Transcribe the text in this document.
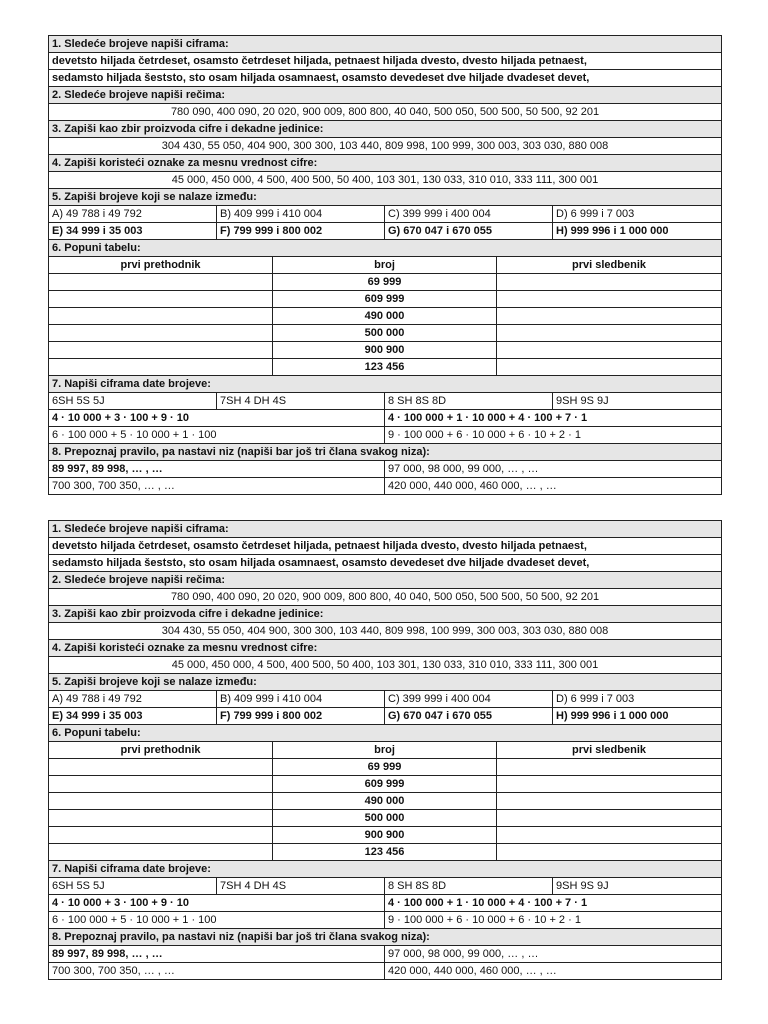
1. Sledeće brojeve napiši ciframa:					
devetsto hiljada četrdeset, osamsto četrdeset hiljada, petnaest hiljada dvesto, dvesto hiljada petnaest,					
sedamsto hiljada šeststo, sto osam hiljada osamnaest, osamsto devedeset dve hiljade dvadeset devet,					
2. Sledeće brojeve napiši rečima:					
780 090, 400 090, 20 020, 900 009, 800 800, 40 040, 500 050, 500 500, 50 500, 92 201					
3. Zapiši kao zbir proizvoda cifre i dekadne jedinice:					
304 430, 55 050, 404 900, 300 300, 103 440, 809 998, 100 999, 300 003, 303 030, 880 008					
4. Zapiši koristeći oznake za mesnu vrednost cifre:					
45 000, 450 000, 4 500, 400 500, 50 400, 103 301, 130 033, 310 010, 333 111, 300 001					
5. Zapiši brojeve koji se nalaze između:					
A) 49 788 i 49 792	B) 409 999 i 410 004		C) 399 999 i 400 004		D) 6 999 i 7 003
E) 34 999 i 35 003	F) 799 999 i 800 002		G) 670 047 i 670 055		H) 999 996 i 1 000 000
6. Popuni tabelu:					
prvi prethodnik		broj		prvi sledbenik	
		69 999			
		609 999			
		490 000			
		500 000			
		900 900			
		123 456			
7. Napiši ciframa date brojeve:					
6SH 5S 5J	7SH 4 DH 4S		8 SH 8S 8D		9SH 9S 9J
4 · 10 000 + 3 · 100 + 9 · 10			4 · 100 000 + 1 · 10 000 + 4 · 100 + 7 · 1		
6 · 100 000 + 5 · 10 000 + 1 · 100			9 · 100 000 + 6 · 10 000 + 6 · 10 + 2 · 1		
8. Prepoznaj pravilo, pa nastavi niz (napiši bar još tri člana svakog niza):					
89 997, 89 998, … , …			97 000, 98 000, 99 000, … , …		
700 300, 700 350, … , …			420 000, 440 000, 460 000, … , …		
1. Sledeće brojeve napiši ciframa:					
devetsto hiljada četrdeset, osamsto četrdeset hiljada, petnaest hiljada dvesto, dvesto hiljada petnaest,					
sedamsto hiljada šeststo, sto osam hiljada osamnaest, osamsto devedeset dve hiljade dvadeset devet,					
2. Sledeće brojeve napiši rečima:					
780 090, 400 090, 20 020, 900 009, 800 800, 40 040, 500 050, 500 500, 50 500, 92 201					
3. Zapiši kao zbir proizvoda cifre i dekadne jedinice:					
304 430, 55 050, 404 900, 300 300, 103 440, 809 998, 100 999, 300 003, 303 030, 880 008					
4. Zapiši koristeći oznake za mesnu vrednost cifre:					
45 000, 450 000, 4 500, 400 500, 50 400, 103 301, 130 033, 310 010, 333 111, 300 001					
5. Zapiši brojeve koji se nalaze između:					
A) 49 788 i 49 792	B) 409 999 i 410 004		C) 399 999 i 400 004		D) 6 999 i 7 003
E) 34 999 i 35 003	F) 799 999 i 800 002		G) 670 047 i 670 055		H) 999 996 i 1 000 000
6. Popuni tabelu:					
prvi prethodnik		broj		prvi sledbenik	
		69 999			
		609 999			
		490 000			
		500 000			
		900 900			
		123 456			
7. Napiši ciframa date brojeve:					
6SH 5S 5J	7SH 4 DH 4S		8 SH 8S 8D		9SH 9S 9J
4 · 10 000 + 3 · 100 + 9 · 10			4 · 100 000 + 1 · 10 000 + 4 · 100 + 7 · 1		
6 · 100 000 + 5 · 10 000 + 1 · 100			9 · 100 000 + 6 · 10 000 + 6 · 10 + 2 · 1		
8. Prepoznaj pravilo, pa nastavi niz (napiši bar još tri člana svakog niza):					
89 997, 89 998, … , …			97 000, 98 000, 99 000, … , …		
700 300, 700 350, … , …			420 000, 440 000, 460 000, … , …		
